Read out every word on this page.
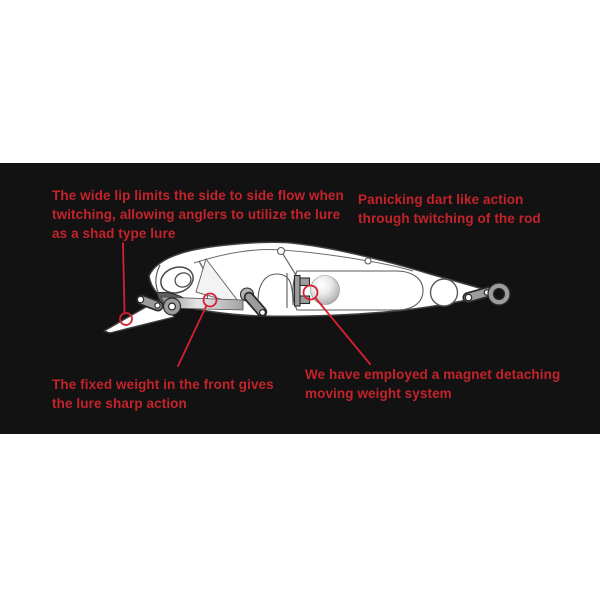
The wide lip limits the side to side flow when
twitching, allowing anglers to utilize the lure
as a shad type lure
Panicking dart like action
through twitching of the rod
The fixed weight in the front gives
the lure sharp action
We have employed a magnet detaching
moving weight system
